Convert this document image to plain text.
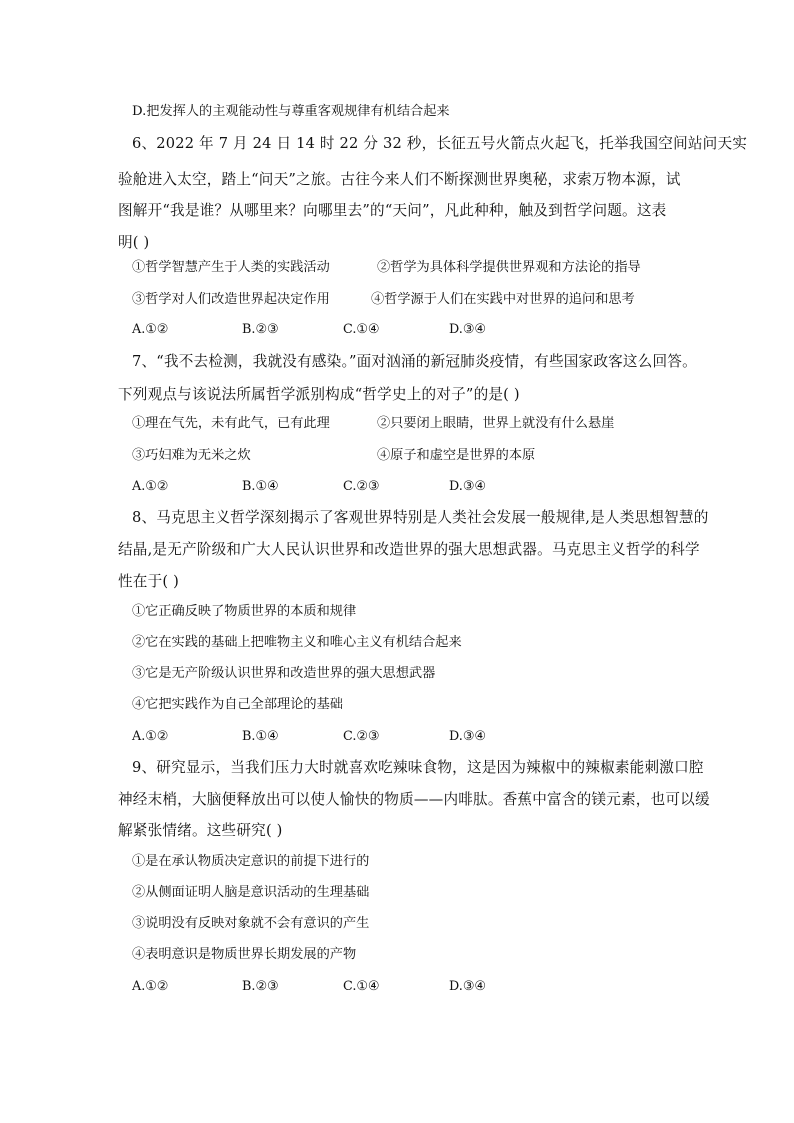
D.把发挥人的主观能动性与尊重客观规律有机结合起来
6、2022 年 7 月 24 日 14 时 22 分 32 秒，长征五号火箭点火起飞，托举我国空间站问天实
验舱进入太空，踏上“问天”之旅。古往今来人们不断探测世界奥秘，求索万物本源，试
图解开“我是谁？从哪里来？向哪里去”的“天问”，凡此种种，触及到哲学问题。这表
明( )
①哲学智慧产生于人类的实践活动	②哲学为具体科学提供世界观和方法论的指导
③哲学对人们改造世界起决定作用	④哲学源于人们在实践中对世界的追问和思考
A.①②	B.②③	C.①④	D.③④
7、“我不去检测，我就没有感染。”面对汹涌的新冠肺炎疫情，有些国家政客这么回答。
下列观点与该说法所属哲学派别构成“哲学史上的对子”的是( )
①理在气先，未有此气，已有此理	②只要闭上眼睛，世界上就没有什么悬崖
③巧妇难为无米之炊	④原子和虚空是世界的本原
A.①②	B.①④	C.②③	D.③④
8、马克思主义哲学深刻揭示了客观世界特别是人类社会发展一般规律,是人类思想智慧的
结晶,是无产阶级和广大人民认识世界和改造世界的强大思想武器。马克思主义哲学的科学
性在于( )
①它正确反映了物质世界的本质和规律
②它在实践的基础上把唯物主义和唯心主义有机结合起来
③它是无产阶级认识世界和改造世界的强大思想武器
④它把实践作为自己全部理论的基础
A.①②	B.①④	C.②③	D.③④
9、研究显示，当我们压力大时就喜欢吃辣味食物，这是因为辣椒中的辣椒素能刺激口腔
神经末梢，大脑便释放出可以使人愉快的物质——内啡肽。香蕉中富含的镁元素，也可以缓
解紧张情绪。这些研究( )
①是在承认物质决定意识的前提下进行的
②从侧面证明人脑是意识活动的生理基础
③说明没有反映对象就不会有意识的产生
④表明意识是物质世界长期发展的产物
A.①②	B.②③	C.①④	D.③④
